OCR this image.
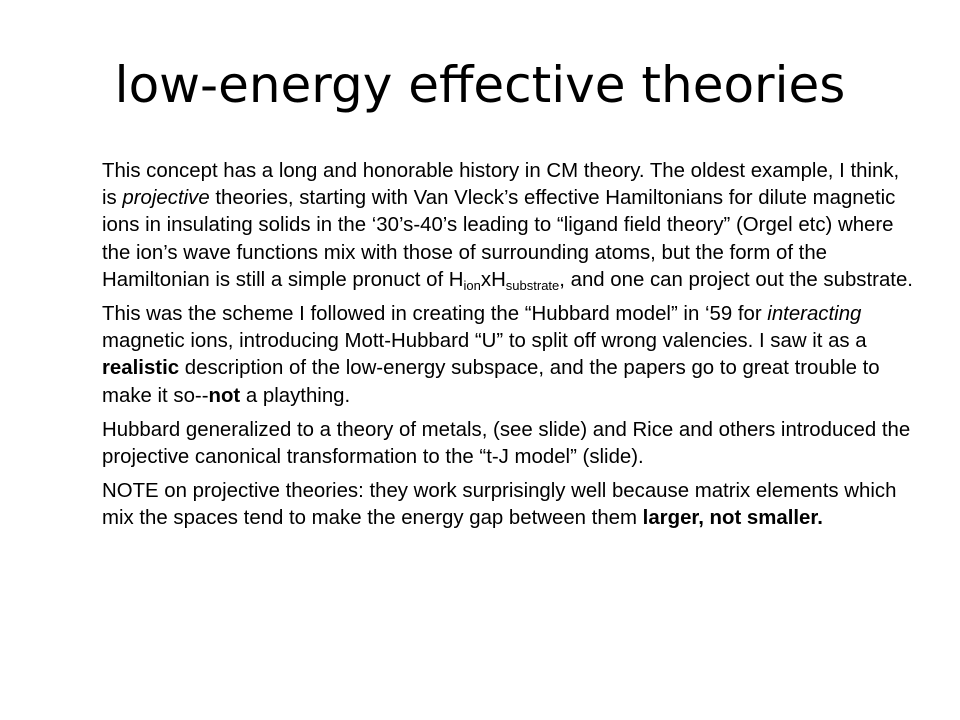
low-energy effective theories

This concept has a long and honorable history in CM theory. The oldest example, I think, is projective theories, starting with Van Vleck’s effective Hamiltonians for dilute magnetic ions in insulating solids in the ‘30’s-40’s leading to “ligand field theory” (Orgel etc) where the ion’s wave functions mix with those of surrounding atoms, but the form of the Hamiltonian is still a simple pronuct of $H_{ion}xH_{substrate}$, and one can project out the substrate.

This was the scheme I followed in creating the “Hubbard model” in ‘59 for interacting magnetic ions, introducing Mott-Hubbard “U” to split off wrong valencies. I saw it as a realistic description of the low-energy subspace, and the papers go to great trouble to make it so--not a plaything.

Hubbard generalized to a theory of metals, (see slide) and Rice and others introduced the projective canonical transformation to the “t-J model” (slide).

NOTE on projective theories: they work surprisingly well because matrix elements which mix the spaces tend to make the energy gap between them larger, not smaller.
